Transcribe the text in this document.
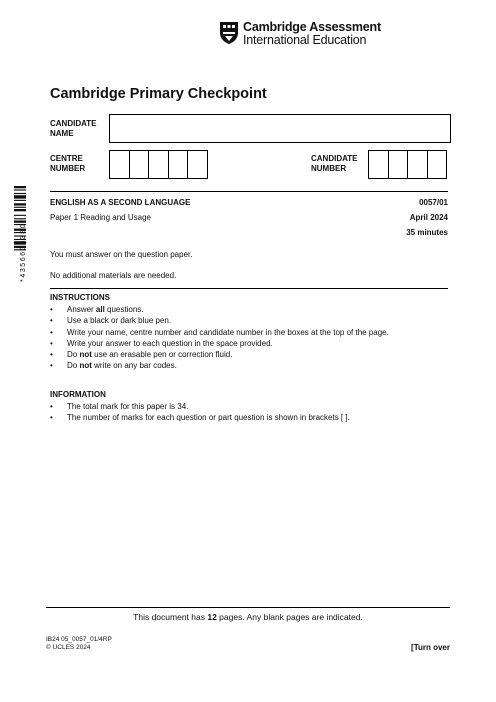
Cambridge Assessment
International Education
Cambridge Primary Checkpoint
CANDIDATE NAME
CENTRE NUMBER
CANDIDATE NUMBER
*4356603380*
ENGLISH AS A SECOND LANGUAGE	0057/01
Paper 1 Reading and Usage	April 2024
35 minutes
You must answer on the question paper.
No additional materials are needed.
INSTRUCTIONS
• Answer all questions.
• Use a black or dark blue pen.
• Write your name, centre number and candidate number in the boxes at the top of the page.
• Write your answer to each question in the space provided.
• Do not use an erasable pen or correction fluid.
• Do not write on any bar codes.
INFORMATION
• The total mark for this paper is 34.
• The number of marks for each question or part question is shown in brackets [ ].
This document has 12 pages. Any blank pages are indicated.
IB24 05_0057_01/4RP
© UCLES 2024	[Turn over
